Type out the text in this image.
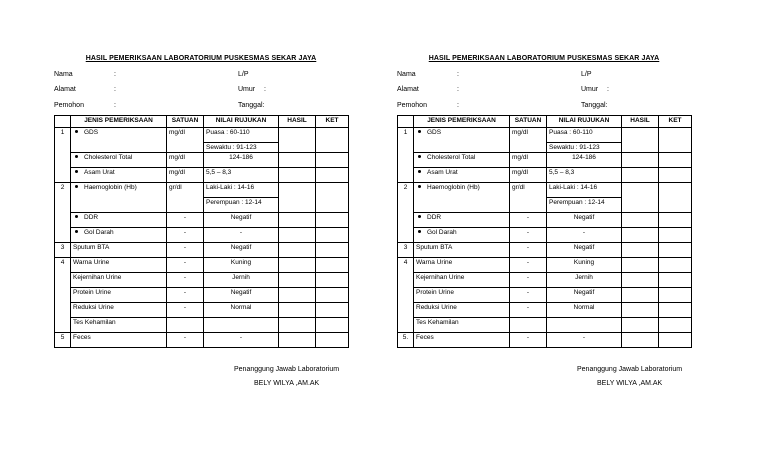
HASIL PEMERIKSAAN LABORATORIUM PUSKESMAS SEKAR JAYA
Nama	:	L/P
Alamat	:	Umur :
Pemohon	:	Tanggal:
	JENIS PEMERIKSAAN	SATUAN	NILAI RUJUKAN	HASIL	KET
1	GDS	mg/dl	Puasa : 60-110		
			Sewaktu : 91-123		
	Cholesterol Total	mg/dl	124-186		
	Asam Urat	mg/dl	5,5 – 8,3		
2	Haemoglobin (Hb)	gr/dl	Laki-Laki : 14-16		
			Perempuan : 12-14		
	DDR	-	Negatif		
	Gol Darah	-	-		
3	Sputum BTA	-	Negatif		
4	Warna Urine	-	Kuning		
	Kejernihan Urine	-	Jernih		
	Protein Urine	-	Negatif		
	Reduksi Urine	-	Normal		
	Tes Kehamilan				
5	Feces	-	-		
Penanggung Jawab Laboratorium
BELY WILYA ,AM.AK
HASIL PEMERIKSAAN LABORATORIUM PUSKESMAS SEKAR JAYA
Nama	:	L/P
Alamat	:	Umur :
Pemohon	:	Tanggal:
	JENIS PEMERIKSAAN	SATUAN	NILAI RUJUKAN	HASIL	KET
1	GDS	mg/dl	Puasa : 60-110		
			Sewaktu : 91-123		
	Cholesterol Total	mg/dl	124-186		
	Asam Urat	mg/dl	5,5 – 8,3		
2	Haemoglobin (Hb)	gr/dl	Laki-Laki : 14-16		
			Perempuan : 12-14		
	DDR	-	Negatif		
	Gol Darah	-	-		
3	Sputum BTA	-	Negatif		
4	Warna Urine	-	Kuning		
	Kejernihan Urine	-	Jernih		
	Protein Urine	-	Negatif		
	Reduksi Urine	-	Normal		
	Tes Kehamilan				
5.	Feces	-	-		
Penanggung Jawab Laboratorium
BELY WILYA ,AM.AK
